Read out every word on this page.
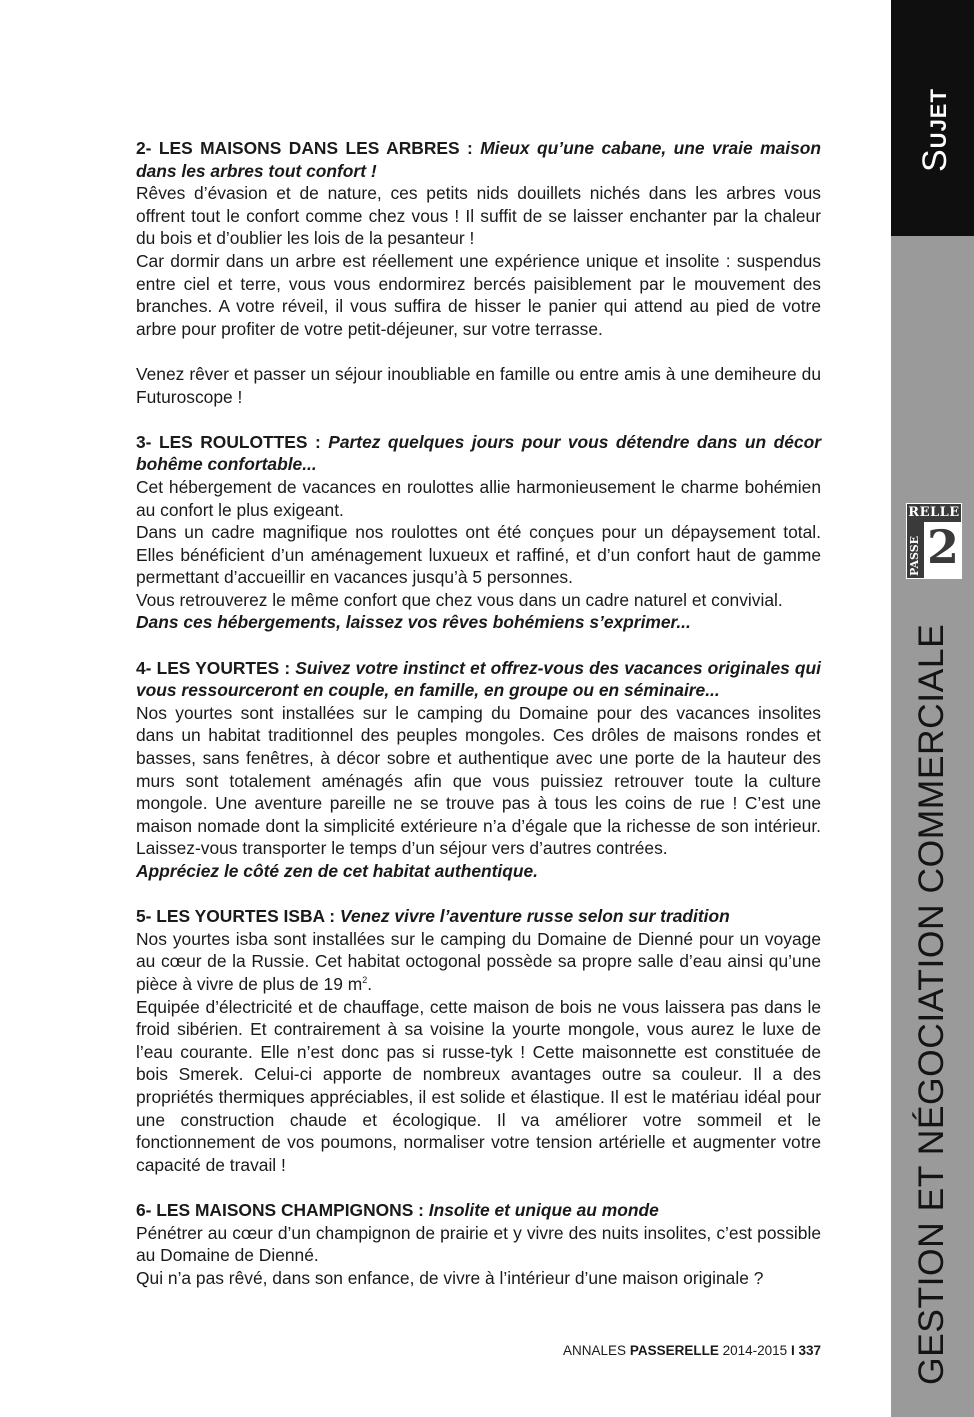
SUJET
RELLE
PASSE 2
GESTION ET NÉGOCIATION COMMERCIALE

2- LES MAISONS DANS LES ARBRES : Mieux qu’une cabane, une vraie maison dans les arbres tout confort !

Rêves d’évasion et de nature, ces petits nids douillets nichés dans les arbres vous offrent tout le confort comme chez vous ! Il suffit de se laisser enchanter par la chaleur du bois et d’oublier les lois de la pesanteur !

Car dormir dans un arbre est réellement une expérience unique et insolite : suspendus entre ciel et terre, vous vous endormirez bercés paisiblement par le mouvement des branches. A votre réveil, il vous suffira de hisser le panier qui attend au pied de votre arbre pour profiter de votre petit-déjeuner, sur votre terrasse.

Venez rêver et passer un séjour inoubliable en famille ou entre amis à une demiheure du Futuroscope !

3- LES ROULOTTES : Partez quelques jours pour vous détendre dans un décor bohême confortable...

Cet hébergement de vacances en roulottes allie harmonieusement le charme bohémien au confort le plus exigeant.

Dans un cadre magnifique nos roulottes ont été conçues pour un dépaysement total. Elles bénéficient d’un aménagement luxueux et raffiné, et d’un confort haut de gamme permettant d’accueillir en vacances jusqu’à 5 personnes.

Vous retrouverez le même confort que chez vous dans un cadre naturel et convivial.

Dans ces hébergements, laissez vos rêves bohémiens s’exprimer...

4- LES YOURTES : Suivez votre instinct et offrez-vous des vacances originales qui vous ressourceront en couple, en famille, en groupe ou en séminaire...

Nos yourtes sont installées sur le camping du Domaine pour des vacances insolites dans un habitat traditionnel des peuples mongoles. Ces drôles de maisons rondes et basses, sans fenêtres, à décor sobre et authentique avec une porte de la hauteur des murs sont totalement aménagés afin que vous puissiez retrouver toute la culture mongole. Une aventure pareille ne se trouve pas à tous les coins de rue ! C’est une maison nomade dont la simplicité extérieure n’a d’égale que la richesse de son intérieur. Laissez-vous transporter le temps d’un séjour vers d’autres contrées.

Appréciez le côté zen de cet habitat authentique.

5- LES YOURTES ISBA : Venez vivre l’aventure russe selon sur tradition

Nos yourtes isba sont installées sur le camping du Domaine de Dienné pour un voyage au cœur de la Russie. Cet habitat octogonal possède sa propre salle d’eau ainsi qu’une pièce à vivre de plus de 19 $m^2$.

Equipée d’électricité et de chauffage, cette maison de bois ne vous laissera pas dans le froid sibérien. Et contrairement à sa voisine la yourte mongole, vous aurez le luxe de l’eau courante. Elle n’est donc pas si russe-tyk ! Cette maisonnette est constituée de bois Smerek. Celui-ci apporte de nombreux avantages outre sa couleur. Il a des propriétés thermiques appréciables, il est solide et élastique. Il est le matériau idéal pour une construction chaude et écologique. Il va améliorer votre sommeil et le fonctionnement de vos poumons, normaliser votre tension artérielle et augmenter votre capacité de travail !

6- LES MAISONS CHAMPIGNONS : Insolite et unique au monde

Pénétrer au cœur d’un champignon de prairie et y vivre des nuits insolites, c’est possible au Domaine de Dienné.

Qui n’a pas rêvé, dans son enfance, de vivre à l’intérieur d’une maison originale ?

ANNALES PASSERELLE 2014-2015 I 337
